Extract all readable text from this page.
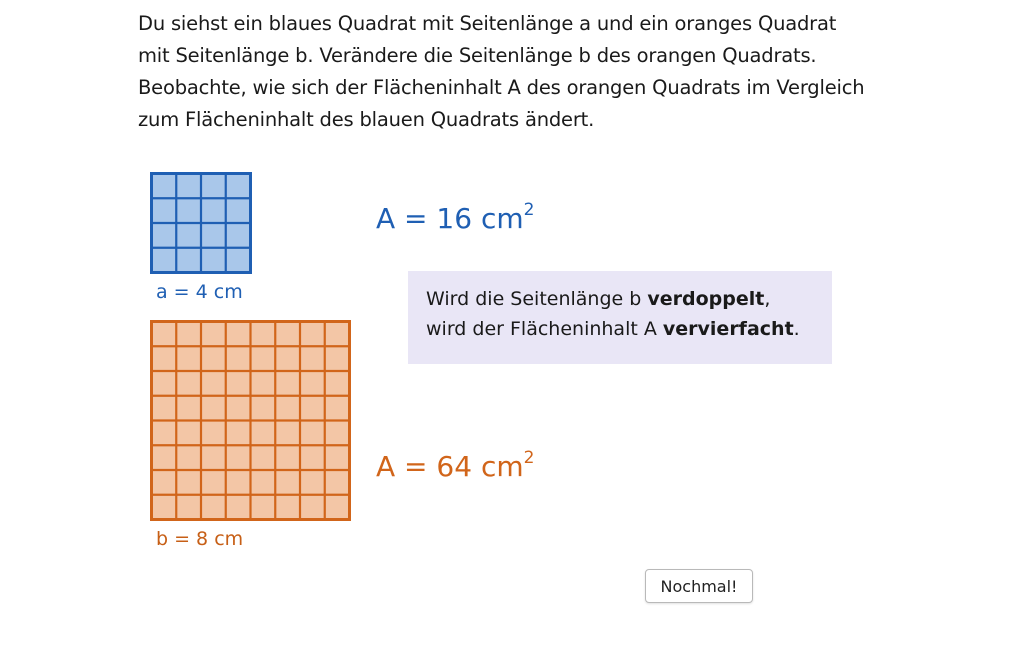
Du siehst ein blaues Quadrat mit Seitenlänge a und ein oranges Quadrat

mit Seitenlänge b. Verändere die Seitenlänge b des orangen Quadrats.

Beobachte, wie sich der Flächeninhalt A des orangen Quadrats im Vergleich

zum Flächeninhalt des blauen Quadrats ändert.

a = 4 cm
A = 16 $cm^2$
Wird die Seitenlänge b verdoppelt,
wird der Flächeninhalt A vervierfacht.
b = 8 cm
A = 64 $cm^2$
Nochmal!
